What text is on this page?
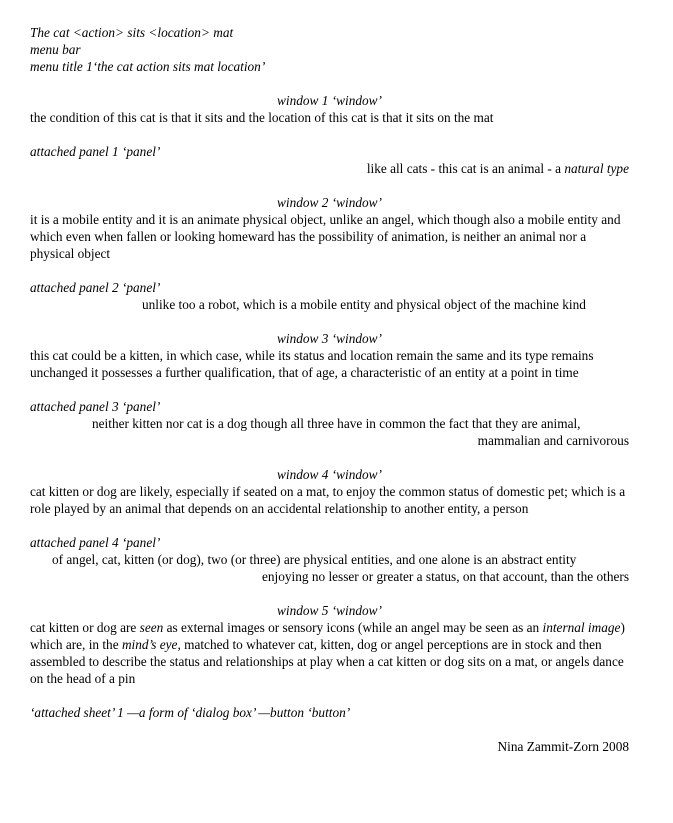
The cat <action> sits <location> mat

menu bar

menu title 1‘the cat action sits mat location’

window 1 ‘window’

the condition of this cat is that it sits and the location of this cat is that it sits on the mat

attached panel 1 ‘panel’

like all cats - this cat is an animal - a natural type

window 2 ‘window’

it is a mobile entity and it is an animate physical object, unlike an angel, which though also a mobile entity and which even when fallen or looking homeward has the possibility of animation, is neither an animal nor a physical object

attached panel 2 ‘panel’

unlike too a robot, which is a mobile entity and physical object of the machine kind

window 3 ‘window’

this cat could be a kitten, in which case, while its status and location remain the same and its type remains unchanged it possesses a further qualification, that of age, a characteristic of an entity at a point in time

attached panel 3 ‘panel’

neither kitten nor cat is a dog though all three have in common the fact that they are animal,

mammalian and carnivorous

window 4 ‘window’

cat kitten or dog are likely, especially if seated on a mat, to enjoy the common status of domestic pet; which is a role played by an animal that depends on an accidental relationship to another entity, a person

attached panel 4 ‘panel’

of angel, cat, kitten (or dog), two (or three) are physical entities, and one alone is an abstract entity

enjoying no lesser or greater a status, on that account, than the others

window 5 ‘window’

cat kitten or dog are seen as external images or sensory icons (while an angel may be seen as an internal image) which are, in the mind’s eye, matched to whatever cat, kitten, dog or angel perceptions are in stock and then assembled to describe the status and relationships at play when a cat kitten or dog sits on a mat, or angels dance on the head of a pin

‘attached sheet’ 1 —a form of ‘dialog box’ —button ‘button’

Nina Zammit-Zorn 2008
